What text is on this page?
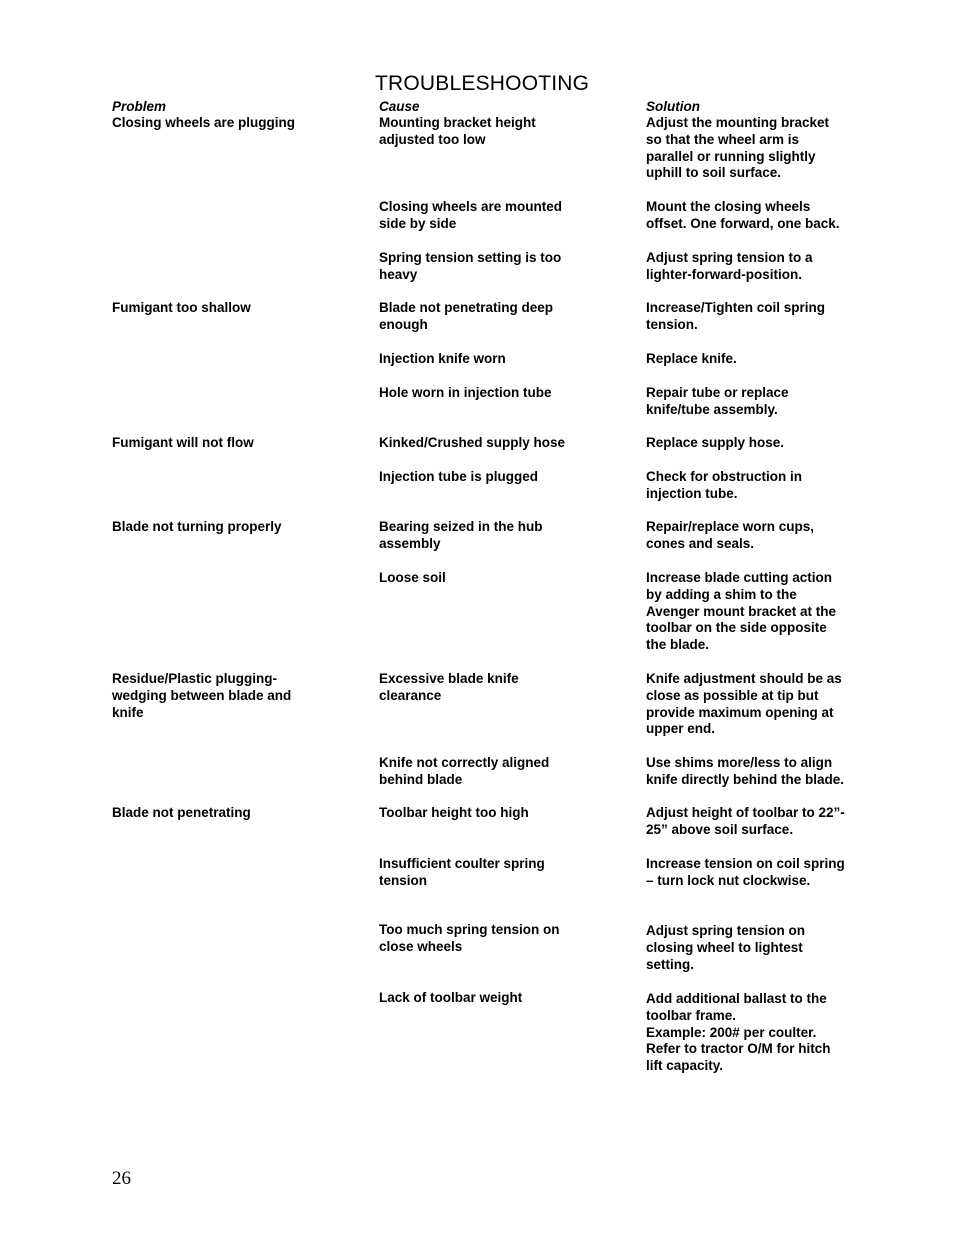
TROUBLESHOOTING
Problem	Cause	Solution
Closing wheels are plugging
Fumigant too shallow
Fumigant will not flow
Blade not turning properly
Residue/Plastic plugging-
wedging between blade and
knife
Blade not penetrating
Mounting bracket height
adjusted too low
Closing wheels are mounted
side by side
Spring tension setting is too
heavy
Blade not penetrating deep
enough
Injection knife worn
Hole worn in injection tube
Kinked/Crushed supply hose
Injection tube is plugged
Bearing seized in the hub
assembly
Loose soil
Excessive blade knife
clearance
Knife not correctly aligned
behind blade
Toolbar height too high
Insufficient coulter spring
tension
Too much spring tension on
close wheels
Lack of toolbar weight
Adjust the mounting bracket
so that the wheel arm is
parallel or running slightly
uphill to soil surface.
Mount the closing wheels
offset. One forward, one back.
Adjust spring tension to a
lighter-forward-position.
Increase/Tighten coil spring
tension.
Replace knife.
Repair tube or replace
knife/tube assembly.
Replace supply hose.
Check for obstruction in
injection tube.
Repair/replace worn cups,
cones and seals.
Increase blade cutting action
by adding a shim to the
Avenger mount bracket at the
toolbar on the side opposite
the blade.
Knife adjustment should be as
close as possible at tip but
provide maximum opening at
upper end.
Use shims more/less to align
knife directly behind the blade.
Adjust height of toolbar to 22”-
25” above soil surface.
Increase tension on coil spring
– turn lock nut clockwise.
Adjust spring tension on
closing wheel to lightest
setting.
Add additional ballast to the
toolbar frame.
Example: 200# per coulter.
Refer to tractor O/M for hitch
lift capacity.
26
